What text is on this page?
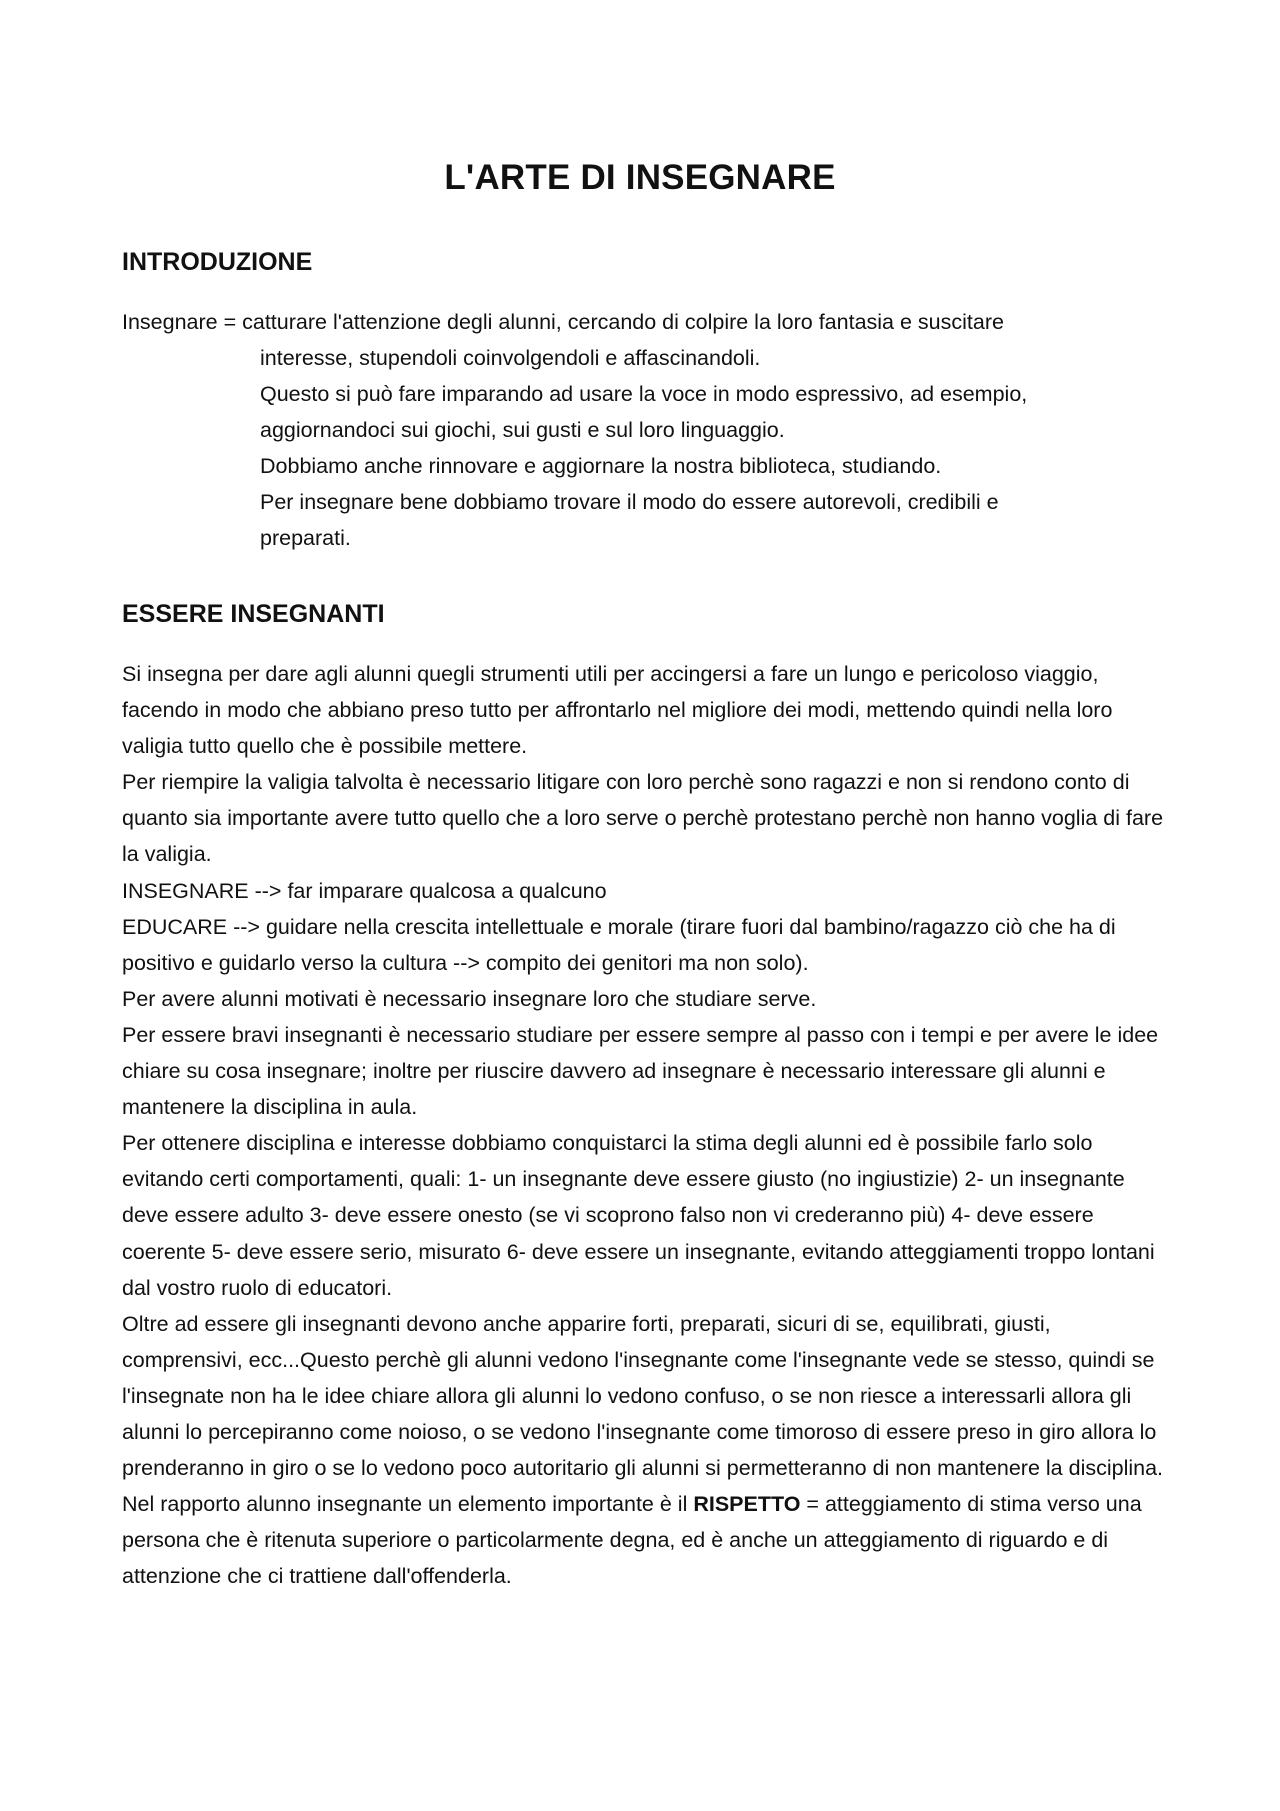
L'ARTE DI INSEGNARE
INTRODUZIONE

Insegnare = catturare l'attenzione degli alunni, cercando di colpire la loro fantasia e suscitare

interesse, stupendoli coinvolgendoli e affascinandoli.

Questo si può fare imparando ad usare la voce in modo espressivo, ad esempio,

aggiornandoci sui giochi, sui gusti e sul loro linguaggio.

Dobbiamo anche rinnovare e aggiornare la nostra biblioteca, studiando.

Per insegnare bene dobbiamo trovare il modo do essere autorevoli, credibili e

preparati.

ESSERE INSEGNANTI

Si insegna per dare agli alunni quegli strumenti utili per accingersi a fare un lungo e pericoloso viaggio, facendo in modo che abbiano preso tutto per affrontarlo nel migliore dei modi, mettendo quindi nella loro valigia tutto quello che è possibile mettere.

Per riempire la valigia talvolta è necessario litigare con loro perchè sono ragazzi e non si rendono conto di quanto sia importante avere tutto quello che a loro serve o perchè protestano perchè non hanno voglia di fare la valigia.

INSEGNARE --> far imparare qualcosa a qualcuno

EDUCARE --> guidare nella crescita intellettuale e morale (tirare fuori dal bambino/ragazzo ciò che ha di positivo e guidarlo verso la cultura --> compito dei genitori ma non solo).

Per avere alunni motivati è necessario insegnare loro che studiare serve.

Per essere bravi insegnanti è necessario studiare per essere sempre al passo con i tempi e per avere le idee chiare su cosa insegnare; inoltre per riuscire davvero ad insegnare è necessario interessare gli alunni e mantenere la disciplina in aula.

Per ottenere disciplina e interesse dobbiamo conquistarci la stima degli alunni ed è possibile farlo solo evitando certi comportamenti, quali: 1- un insegnante deve essere giusto (no ingiustizie) 2- un insegnante deve essere adulto 3- deve essere onesto (se vi scoprono falso non vi crederanno più) 4- deve essere coerente 5- deve essere serio, misurato 6- deve essere un insegnante, evitando atteggiamenti troppo lontani dal vostro ruolo di educatori.

Oltre ad essere gli insegnanti devono anche apparire forti, preparati, sicuri di se, equilibrati, giusti, comprensivi, ecc...Questo perchè gli alunni vedono l'insegnante come l'insegnante vede se stesso, quindi se l'insegnate non ha le idee chiare allora gli alunni lo vedono confuso, o se non riesce a interessarli allora gli alunni lo percepiranno come noioso, o se vedono l'insegnante come timoroso di essere preso in giro allora lo prenderanno in giro o se lo vedono poco autoritario gli alunni si permetteranno di non mantenere la disciplina.

Nel rapporto alunno insegnante un elemento importante è il RISPETTO = atteggiamento di stima verso una persona che è ritenuta superiore o particolarmente degna, ed è anche un atteggiamento di riguardo e di attenzione che ci trattiene dall'offenderla.
